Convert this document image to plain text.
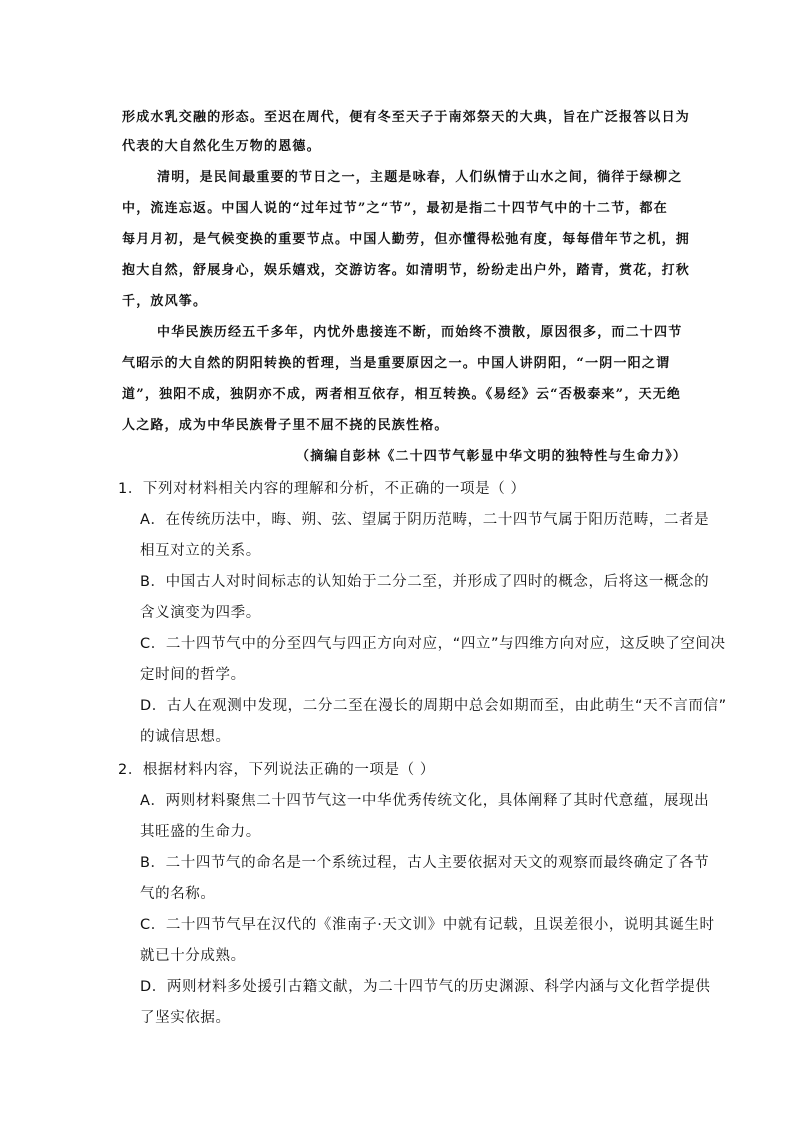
形成水乳交融的形态。至迟在周代，便有冬至天子于南郊祭天的大典，旨在广泛报答以日为
代表的大自然化生万物的恩德。
清明，是民间最重要的节日之一，主题是咏春，人们纵情于山水之间，徜徉于绿柳之
中，流连忘返。中国人说的“过年过节”之“节”，最初是指二十四节气中的十二节，都在
每月月初，是气候变换的重要节点。中国人勤劳，但亦懂得松弛有度，每每借年节之机，拥
抱大自然，舒展身心，娱乐嬉戏，交游访客。如清明节，纷纷走出户外，踏青，赏花，打秋
千，放风筝。
中华民族历经五千多年，内忧外患接连不断，而始终不溃散，原因很多，而二十四节
气昭示的大自然的阴阳转换的哲理，当是重要原因之一。中国人讲阴阳，“一阴一阳之谓
道”，独阳不成，独阴亦不成，两者相互依存，相互转换。《易经》云“否极泰来”，天无绝
人之路，成为中华民族骨子里不屈不挠的民族性格。
（摘编自彭林《二十四节气彰显中华文明的独特性与生命力》）
1．下列对材料相关内容的理解和分析，不正确的一项是（ ）
A．在传统历法中，晦、朔、弦、望属于阴历范畴，二十四节气属于阳历范畴，二者是
相互对立的关系。
B．中国古人对时间标志的认知始于二分二至，并形成了四时的概念，后将这一概念的
含义演变为四季。
C．二十四节气中的分至四气与四正方向对应，“四立”与四维方向对应，这反映了空间决
定时间的哲学。
D．古人在观测中发现，二分二至在漫长的周期中总会如期而至，由此萌生“天不言而信”
的诚信思想。
2．根据材料内容，下列说法正确的一项是（ ）
A．两则材料聚焦二十四节气这一中华优秀传统文化，具体阐释了其时代意蕴，展现出
其旺盛的生命力。
B．二十四节气的命名是一个系统过程，古人主要依据对天文的观察而最终确定了各节
气的名称。
C．二十四节气早在汉代的《淮南子·天文训》中就有记载，且误差很小，说明其诞生时
就已十分成熟。
D．两则材料多处援引古籍文献，为二十四节气的历史渊源、科学内涵与文化哲学提供
了坚实依据。
